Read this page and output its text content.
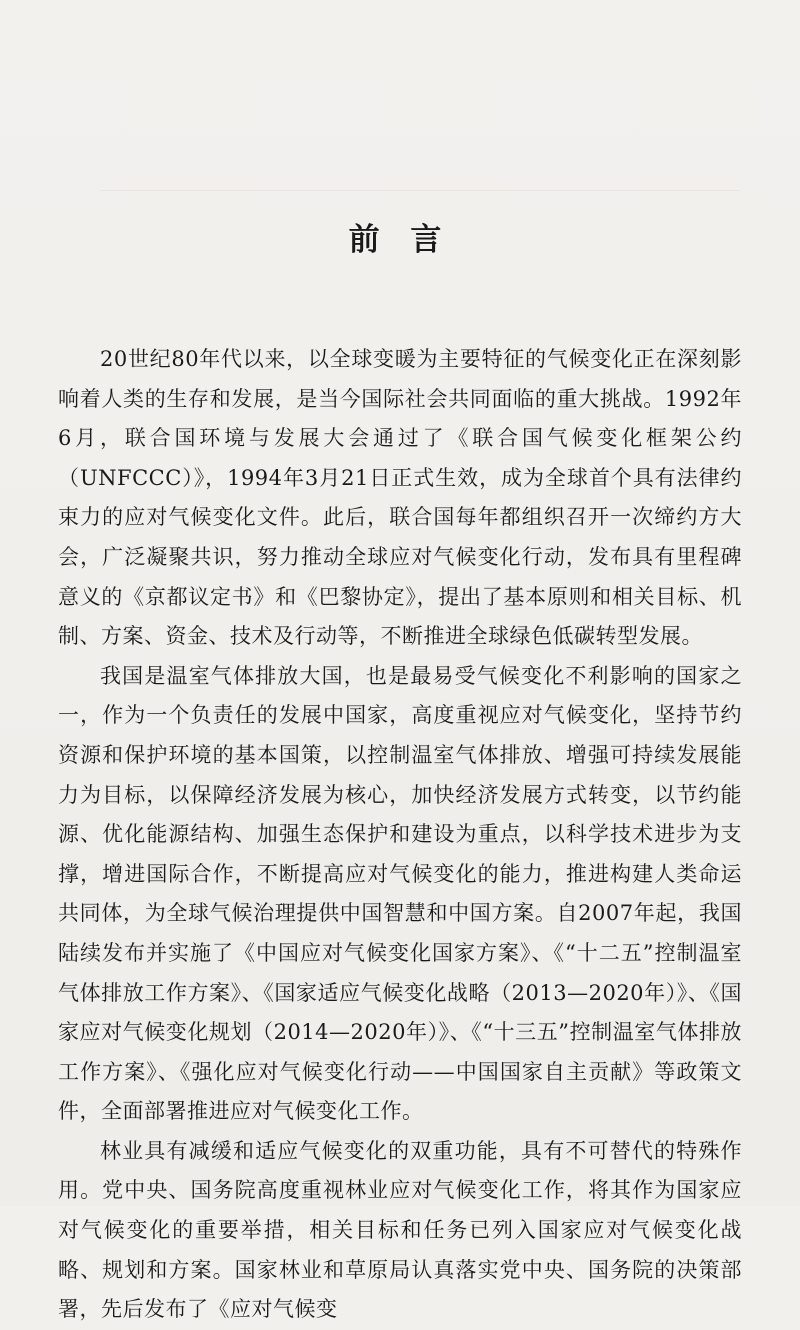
前 言

20世纪80年代以来，以全球变暖为主要特征的气候变化正在深刻影响着人类的生存和发展，是当今国际社会共同面临的重大挑战。1992年6月，联合国环境与发展大会通过了《联合国气候变化框架公约（UNFCCC）》，1994年3月21日正式生效，成为全球首个具有法律约束力的应对气候变化文件。此后，联合国每年都组织召开一次缔约方大会，广泛凝聚共识，努力推动全球应对气候变化行动，发布具有里程碑意义的《京都议定书》和《巴黎协定》，提出了基本原则和相关目标、机制、方案、资金、技术及行动等，不断推进全球绿色低碳转型发展。

我国是温室气体排放大国，也是最易受气候变化不利影响的国家之一，作为一个负责任的发展中国家，高度重视应对气候变化，坚持节约资源和保护环境的基本国策，以控制温室气体排放、增强可持续发展能力为目标，以保障经济发展为核心，加快经济发展方式转变，以节约能源、优化能源结构、加强生态保护和建设为重点，以科学技术进步为支撑，增进国际合作，不断提高应对气候变化的能力，推进构建人类命运共同体，为全球气候治理提供中国智慧和中国方案。自2007年起，我国陆续发布并实施了《中国应对气候变化国家方案》、《“十二五”控制温室气体排放工作方案》、《国家适应气候变化战略（2013—2020年）》、《国家应对气候变化规划（2014—2020年）》、《“十三五”控制温室气体排放工作方案》、《强化应对气候变化行动——中国国家自主贡献》等政策文件，全面部署推进应对气候变化工作。

林业具有减缓和适应气候变化的双重功能，具有不可替代的特殊作用。党中央、国务院高度重视林业应对气候变化工作，将其作为国家应对气候变化的重要举措，相关目标和任务已列入国家应对气候变化战略、规划和方案。国家林业和草原局认真落实党中央、国务院的决策部署，先后发布了《应对气候变
